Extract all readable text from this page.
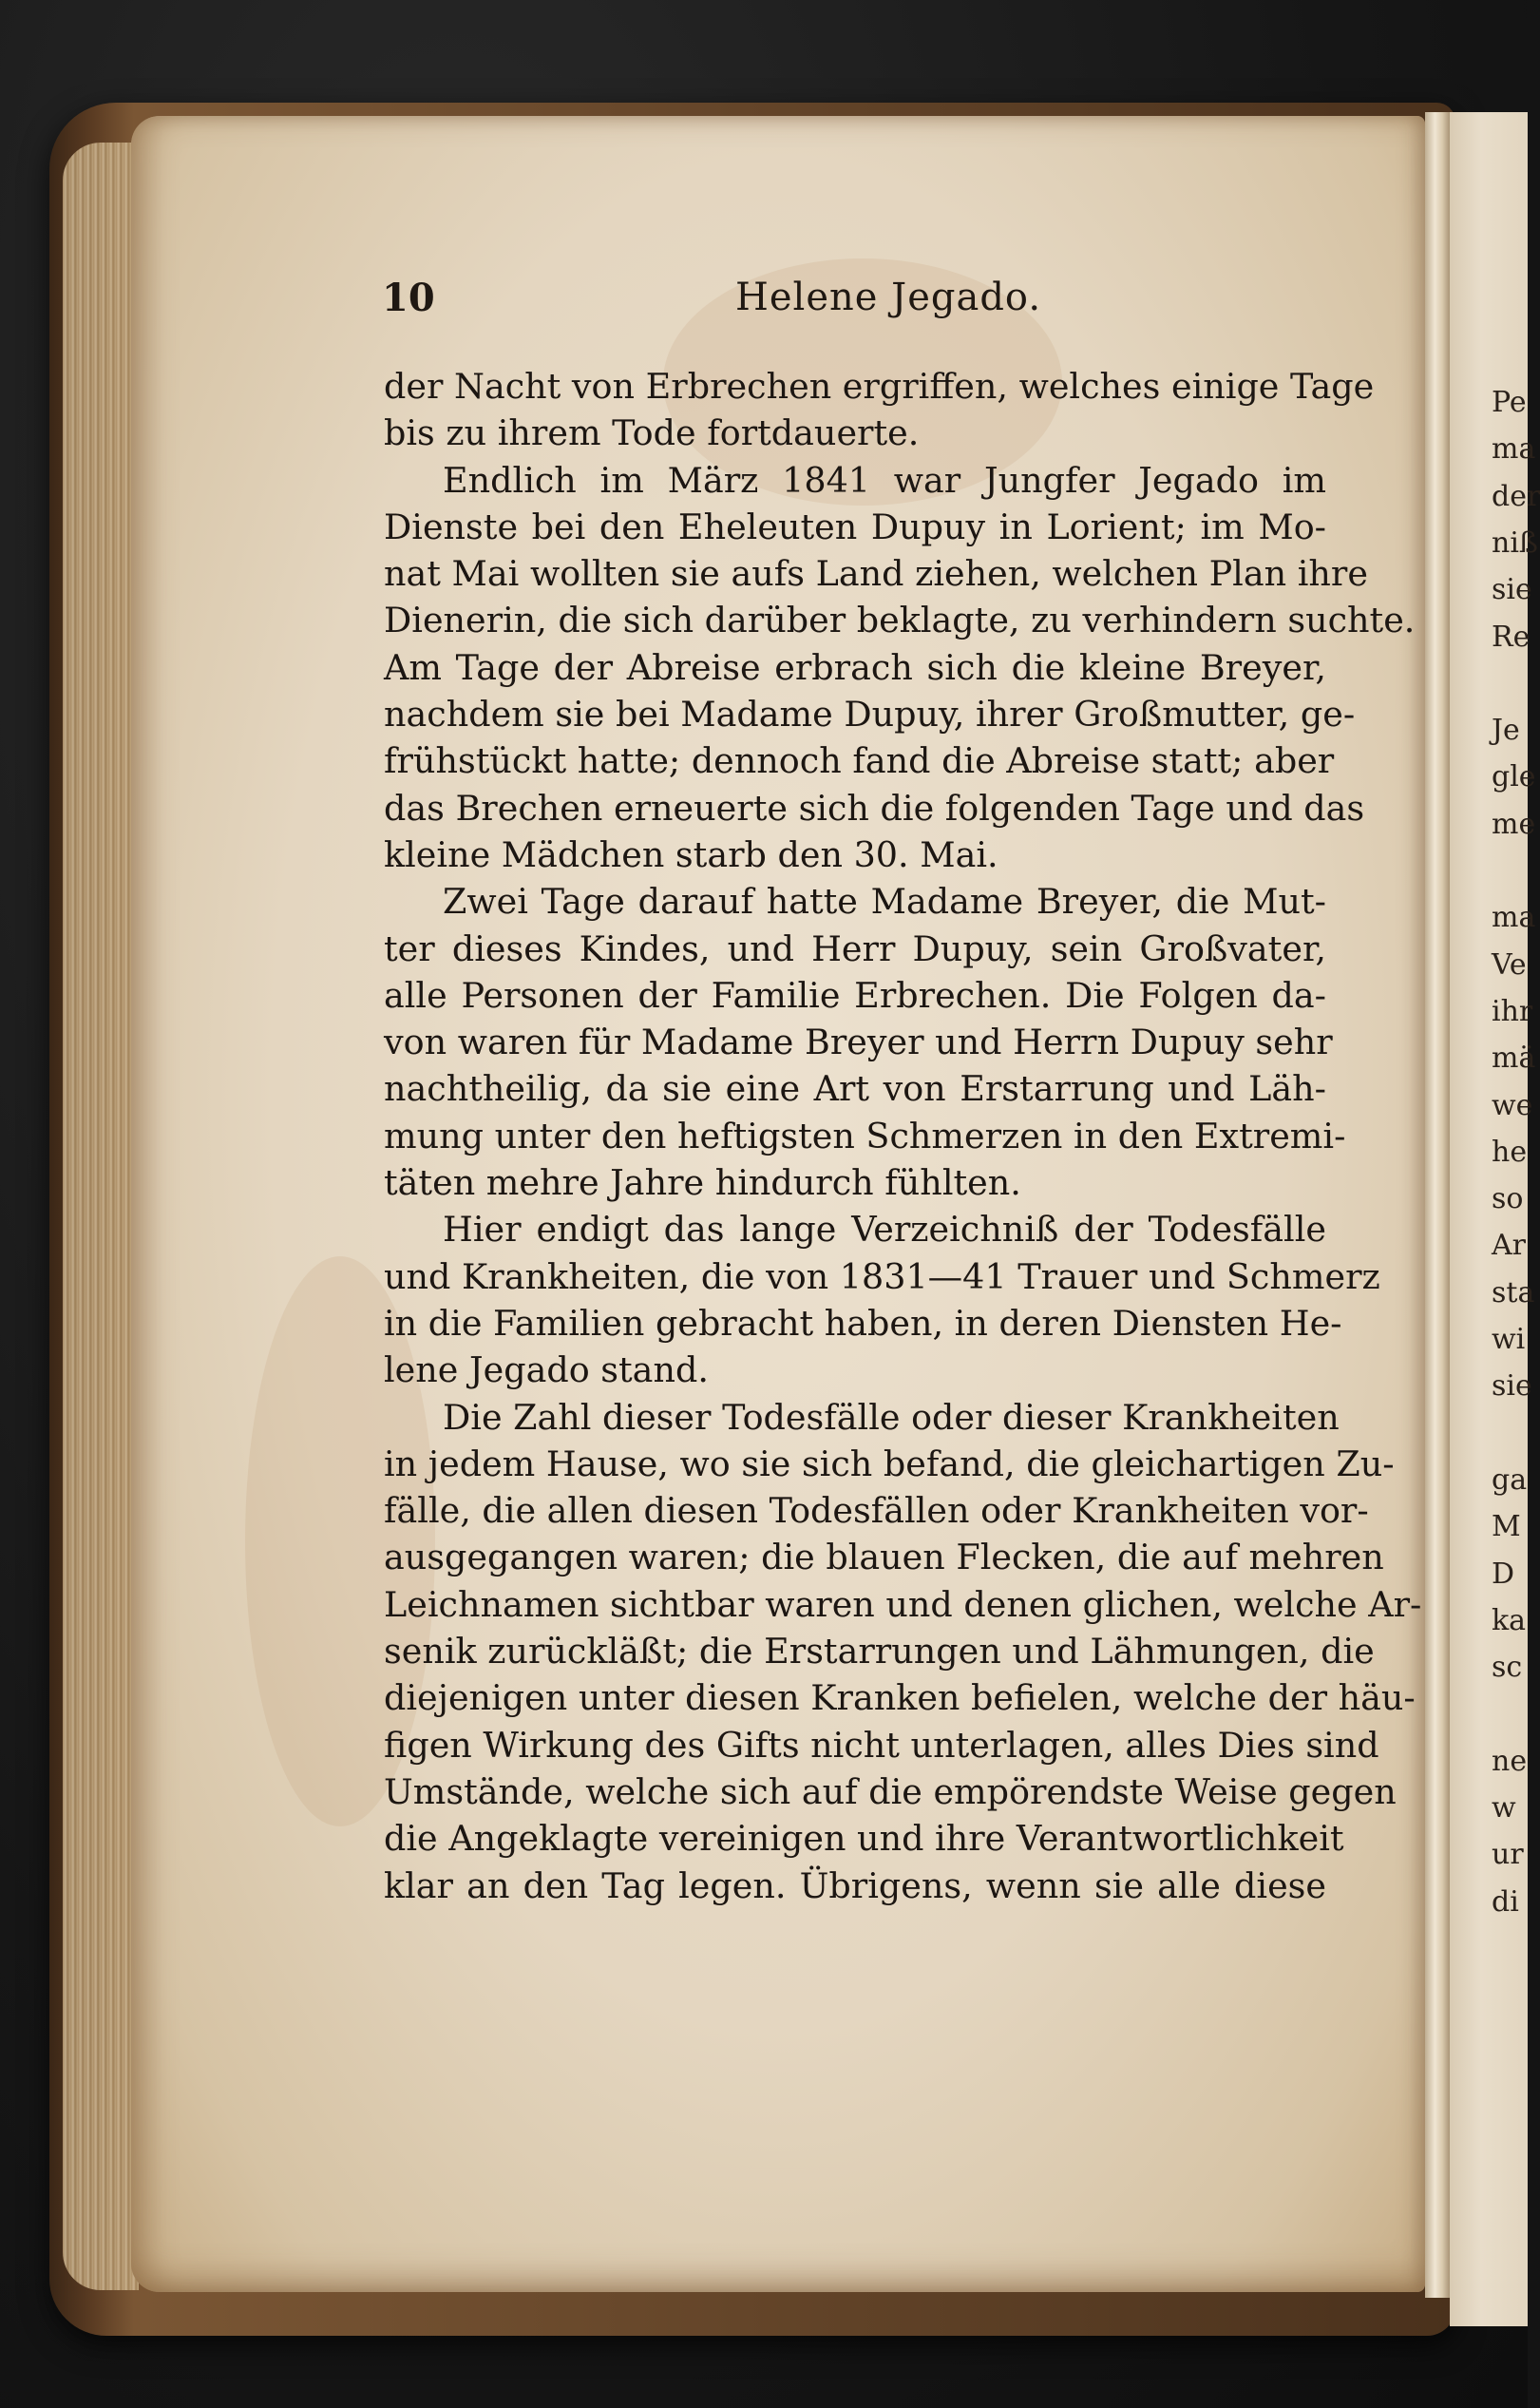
Pe
ma
der
niß
sie
Re
Je
gle
me
ma
Ve
ihr
mä
we
he
so
Ar
sta
wi
sie
ga
M
D
ka
sc
ne
w
ur
di
10	Helene Jegado.
der Nacht von Erbrechen ergriffen, welches einige Tage
bis zu ihrem Tode fortdauerte.
Endlich im März 1841 war Jungfer Jegado im
Dienste bei den Eheleuten Dupuy in Lorient; im Mo-
nat Mai wollten sie aufs Land ziehen, welchen Plan ihre
Dienerin, die sich darüber beklagte, zu verhindern suchte.
Am Tage der Abreise erbrach sich die kleine Breyer,
nachdem sie bei Madame Dupuy, ihrer Großmutter, ge-
frühstückt hatte; dennoch fand die Abreise statt; aber
das Brechen erneuerte sich die folgenden Tage und das
kleine Mädchen starb den 30. Mai.
Zwei Tage darauf hatte Madame Breyer, die Mut-
ter dieses Kindes, und Herr Dupuy, sein Großvater,
alle Personen der Familie Erbrechen. Die Folgen da-
von waren für Madame Breyer und Herrn Dupuy sehr
nachtheilig, da sie eine Art von Erstarrung und Läh-
mung unter den heftigsten Schmerzen in den Extremi-
täten mehre Jahre hindurch fühlten.
Hier endigt das lange Verzeichniß der Todesfälle
und Krankheiten, die von 1831—41 Trauer und Schmerz
in die Familien gebracht haben, in deren Diensten He-
lene Jegado stand.
Die Zahl dieser Todesfälle oder dieser Krankheiten
in jedem Hause, wo sie sich befand, die gleichartigen Zu-
fälle, die allen diesen Todesfällen oder Krankheiten vor-
ausgegangen waren; die blauen Flecken, die auf mehren
Leichnamen sichtbar waren und denen glichen, welche Ar-
senik zurückläßt; die Erstarrungen und Lähmungen, die
diejenigen unter diesen Kranken befielen, welche der häu-
figen Wirkung des Gifts nicht unterlagen, alles Dies sind
Umstände, welche sich auf die empörendste Weise gegen
die Angeklagte vereinigen und ihre Verantwortlichkeit
klar an den Tag legen. Übrigens, wenn sie alle diese
